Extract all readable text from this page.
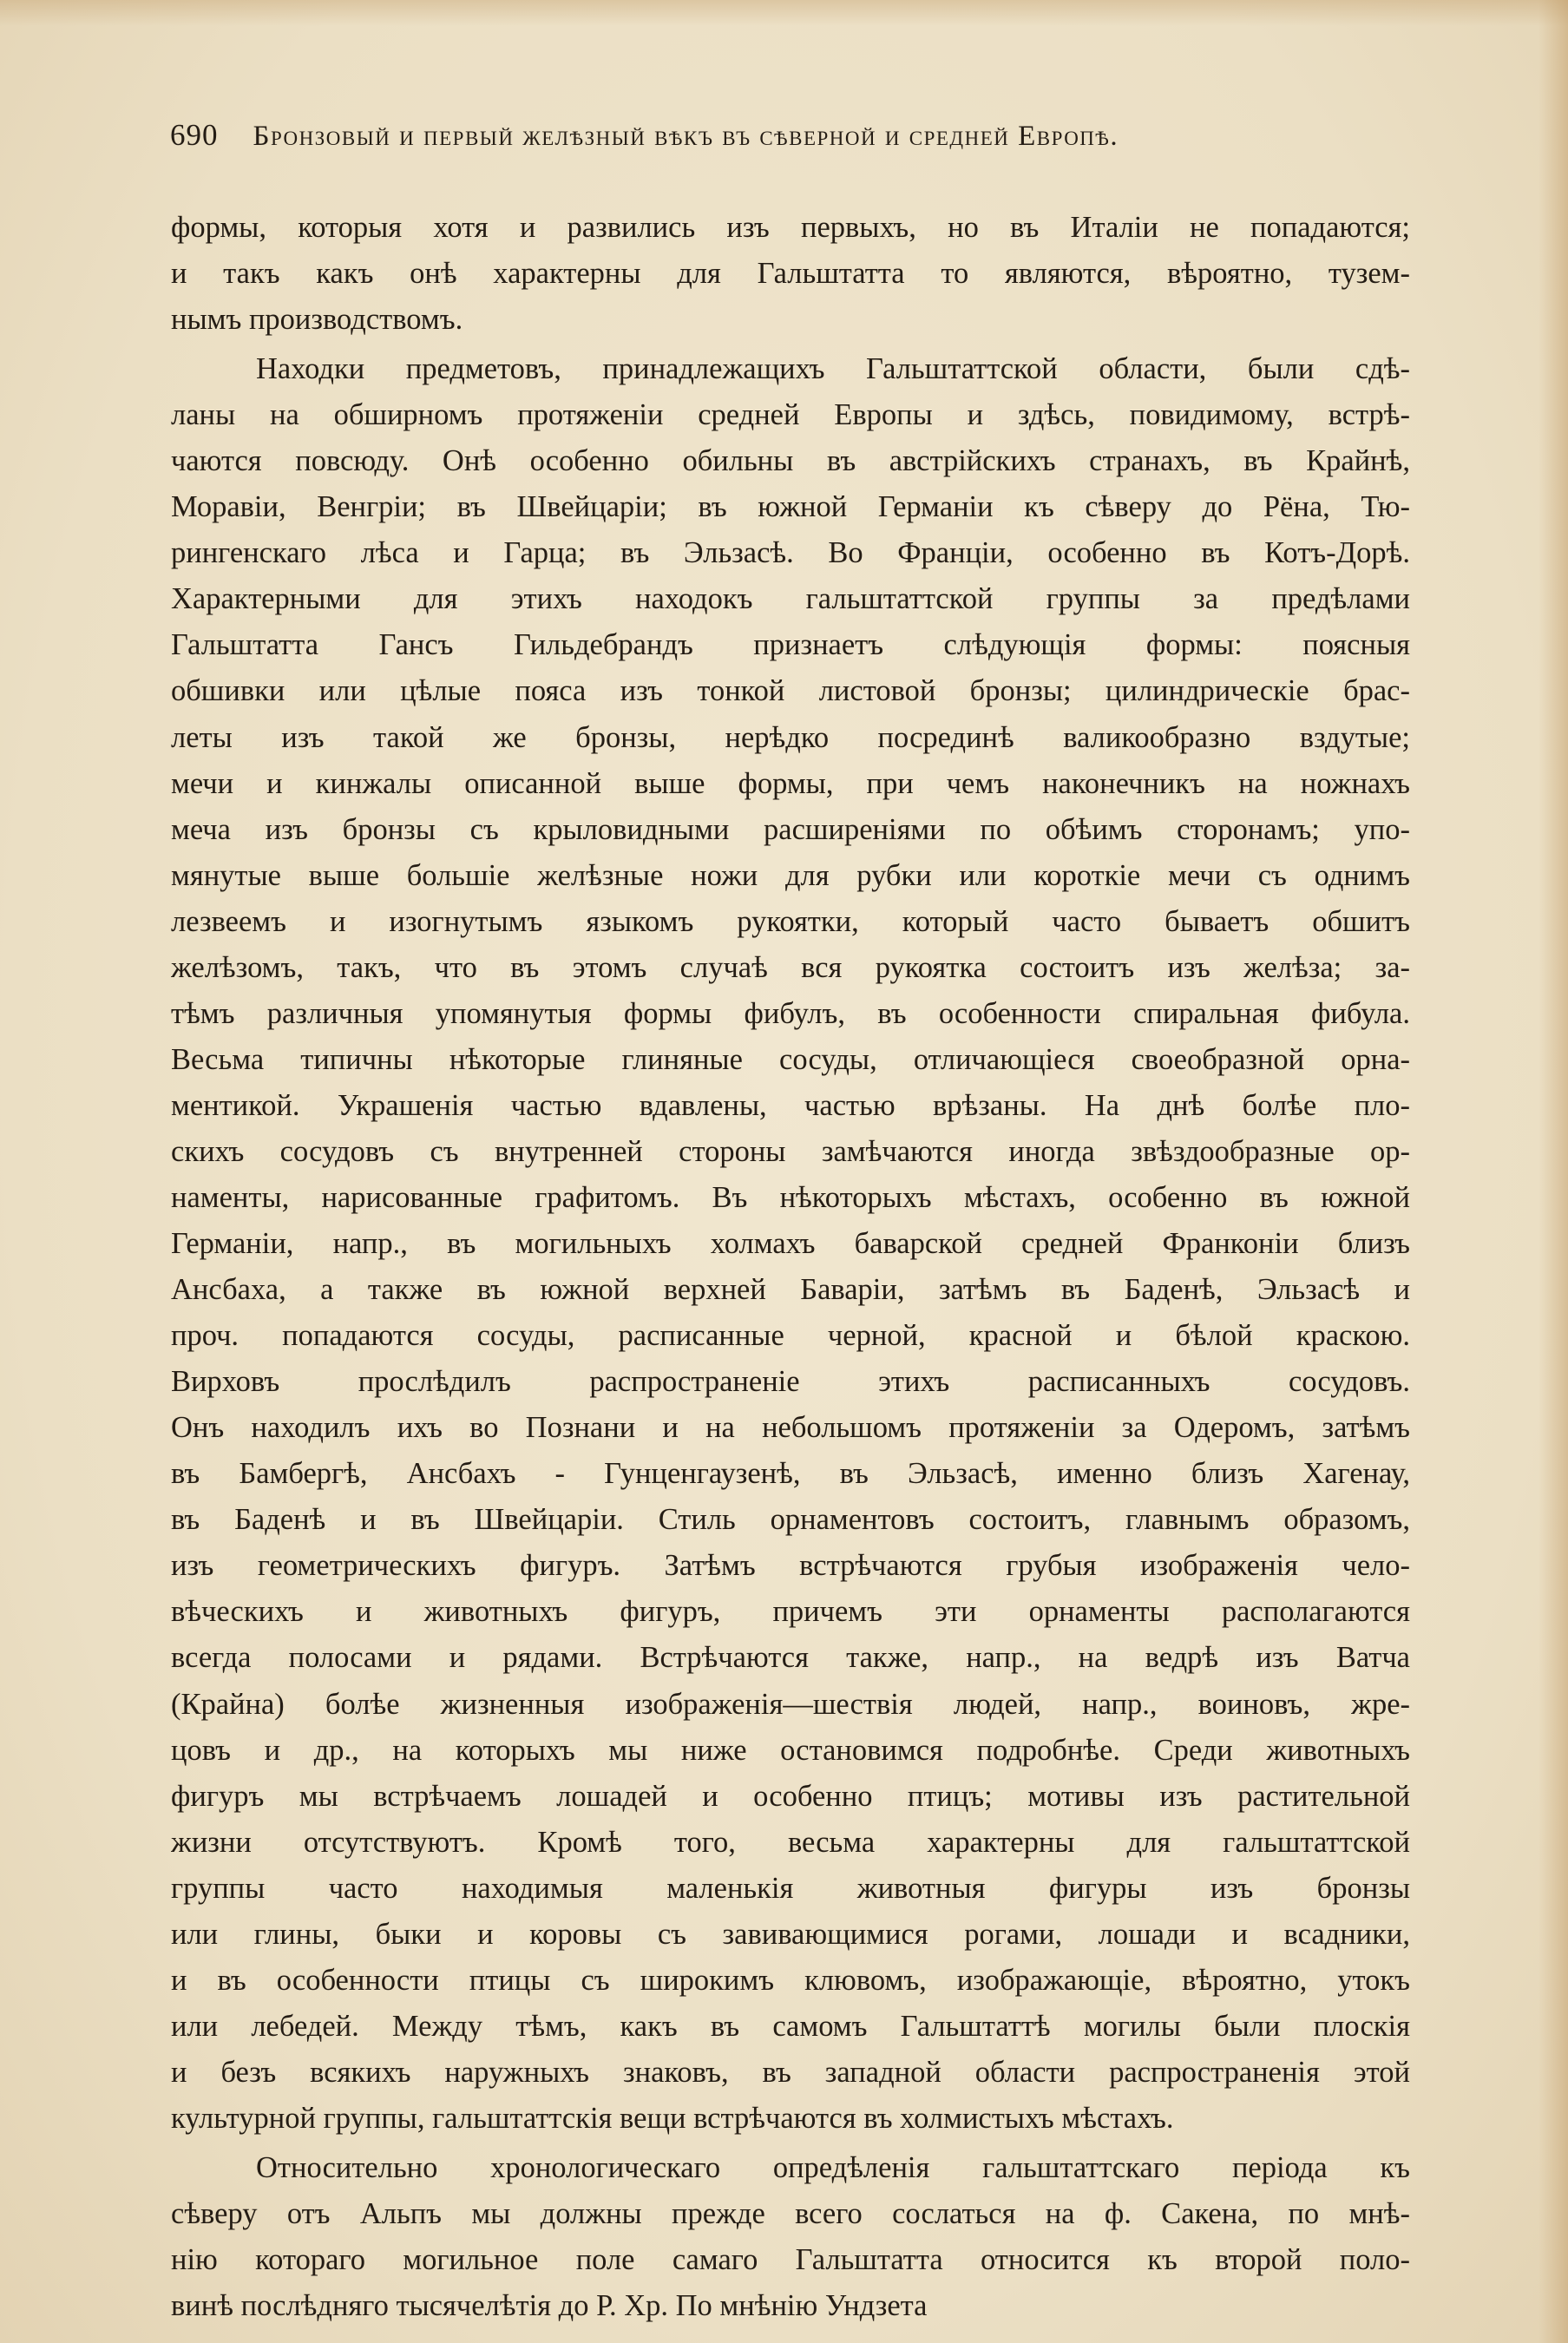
690 Бронзовый и первый желѣзный вѣкъ въ сѣверной и средней Европѣ.
формы, которыя хотя и развились изъ первыхъ, но въ Италіи не попадаются;
и такъ какъ онѣ характерны для Гальштатта то являются, вѣроятно, тузем-
нымъ производствомъ.
Находки предметовъ, принадлежащихъ Гальштаттской области, были сдѣ-
ланы на обширномъ протяженіи средней Европы и здѣсь, повидимому, встрѣ-
чаются повсюду. Онѣ особенно обильны въ австрійскихъ странахъ, въ Крайнѣ,
Моравіи, Венгріи; въ Швейцаріи; въ южной Германіи къ сѣверу до Рёна, Тю-
рингенскаго лѣса и Гарца; въ Эльзасѣ. Во Франціи, особенно въ Котъ-Дорѣ.
Характерными для этихъ находокъ гальштаттской группы за предѣлами
Гальштатта Гансъ Гильдебрандъ признаетъ слѣдующія формы: поясныя
обшивки или цѣлые пояса изъ тонкой листовой бронзы; цилиндрическіе брас-
леты изъ такой же бронзы, нерѣдко посрединѣ валикообразно вздутые;
мечи и кинжалы описанной выше формы, при чемъ наконечникъ на ножнахъ
меча изъ бронзы съ крыловидными расширеніями по обѣимъ сторонамъ; упо-
мянутые выше большіе желѣзные ножи для рубки или короткіе мечи съ однимъ
лезвеемъ и изогнутымъ языкомъ рукоятки, который часто бываетъ обшитъ
желѣзомъ, такъ, что въ этомъ случаѣ вся рукоятка состоитъ изъ желѣза; за-
тѣмъ различныя упомянутыя формы фибулъ, въ особенности спиральная фибула.
Весьма типичны нѣкоторые глиняные сосуды, отличающіеся своеобразной орна-
ментикой. Украшенія частью вдавлены, частью врѣзаны. На днѣ болѣе пло-
скихъ сосудовъ съ внутренней стороны замѣчаются иногда звѣздообразные ор-
наменты, нарисованные графитомъ. Въ нѣкоторыхъ мѣстахъ, особенно въ южной
Германіи, напр., въ могильныхъ холмахъ баварской средней Франконіи близъ
Ансбаха, а также въ южной верхней Баваріи, затѣмъ въ Баденѣ, Эльзасѣ и
проч. попадаются сосуды, расписанные черной, красной и бѣлой краскою.
Вирховъ прослѣдилъ распространеніе этихъ расписанныхъ сосудовъ.
Онъ находилъ ихъ во Познани и на небольшомъ протяженіи за Одеромъ, затѣмъ
въ Бамбергѣ, Ансбахъ - Гунценгаузенѣ, въ Эльзасѣ, именно близъ Хагенау,
въ Баденѣ и въ Швейцаріи. Стиль орнаментовъ состоитъ, главнымъ образомъ,
изъ геометрическихъ фигуръ. Затѣмъ встрѣчаются грубыя изображенія чело-
вѣческихъ и животныхъ фигуръ, причемъ эти орнаменты располагаются
всегда полосами и рядами. Встрѣчаются также, напр., на ведрѣ изъ Ватча
(Крайна) болѣе жизненныя изображенія—шествія людей, напр., воиновъ, жре-
цовъ и др., на которыхъ мы ниже остановимся подробнѣе. Среди животныхъ
фигуръ мы встрѣчаемъ лошадей и особенно птицъ; мотивы изъ растительной
жизни отсутствуютъ. Кромѣ того, весьма характерны для гальштаттской
группы часто находимыя маленькія животныя фигуры изъ бронзы
или глины, быки и коровы съ завивающимися рогами, лошади и всадники,
и въ особенности птицы съ широкимъ клювомъ, изображающіе, вѣроятно, утокъ
или лебедей. Между тѣмъ, какъ въ самомъ Гальштаттѣ могилы были плоскія
и безъ всякихъ наружныхъ знаковъ, въ западной области распространенія этой
культурной группы, гальштаттскія вещи встрѣчаются въ холмистыхъ мѣстахъ.
Относительно хронологическаго опредѣленія гальштаттскаго періода къ
сѣверу отъ Альпъ мы должны прежде всего сослаться на ф. Сакена, по мнѣ-
нію котораго могильное поле самаго Гальштатта относится къ второй поло-
винѣ послѣдняго тысячелѣтія до Р. Хр. По мнѣнію Ундзета
